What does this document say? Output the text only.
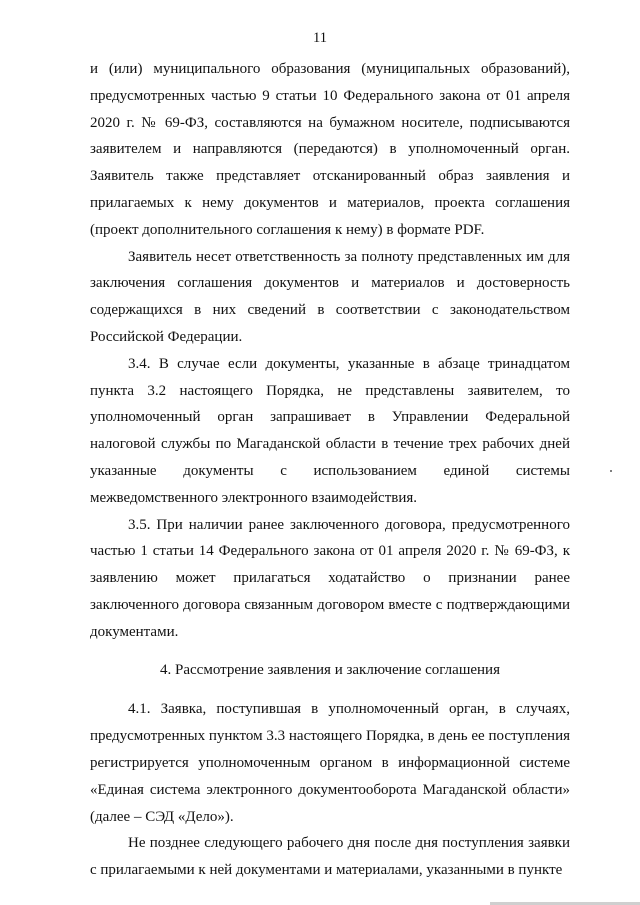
11

и (или) муниципального образования (муниципальных образований), предусмотренных частью 9 статьи 10 Федерального закона от 01 апреля 2020 г. № 69-ФЗ, составляются на бумажном носителе, подписываются заявителем и направляются (передаются) в уполномоченный орган. Заявитель также представляет отсканированный образ заявления и прилагаемых к нему документов и материалов, проекта соглашения (проект дополнительного соглашения к нему) в формате PDF.

Заявитель несет ответственность за полноту представленных им для заключения соглашения документов и материалов и достоверность содержащихся в них сведений в соответствии с законодательством Российской Федерации.

3.4. В случае если документы, указанные в абзаце тринадцатом пункта 3.2 настоящего Порядка, не представлены заявителем, то уполномоченный орган запрашивает в Управлении Федеральной налоговой службы по Магаданской области в течение трех рабочих дней указанные документы с использованием единой системы межведомственного электронного взаимодействия.

3.5. При наличии ранее заключенного договора, предусмотренного частью 1 статьи 14 Федерального закона от 01 апреля 2020 г. № 69-ФЗ, к заявлению может прилагаться ходатайство о признании ранее заключенного договора связанным договором вместе с подтверждающими документами.

4. Рассмотрение заявления и заключение соглашения

4.1. Заявка, поступившая в уполномоченный орган, в случаях, предусмотренных пунктом 3.3 настоящего Порядка, в день ее поступления регистрируется уполномоченным органом в информационной системе «Единая система электронного документооборота Магаданской области» (далее – СЭД «Дело»).

Не позднее следующего рабочего дня после дня поступления заявки с прилагаемыми к ней документами и материалами, указанными в пункте
